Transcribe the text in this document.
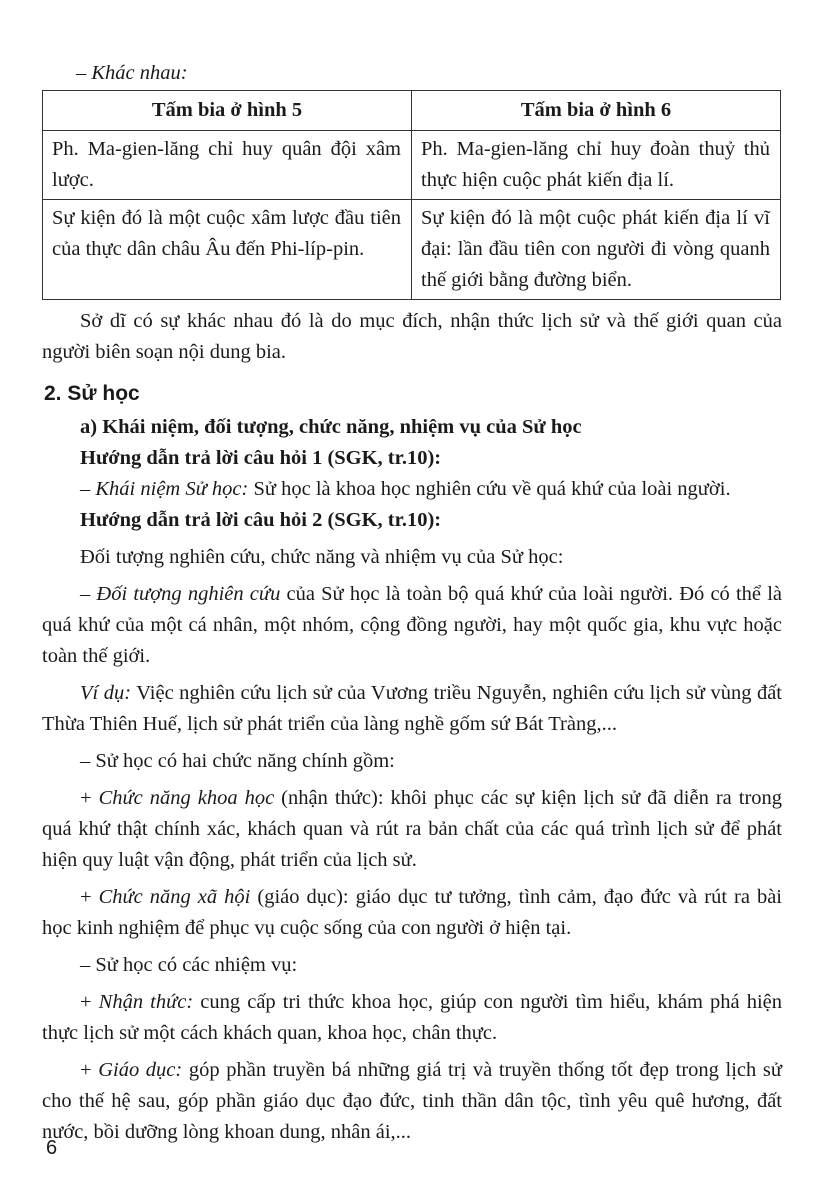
– Khác nhau:

Tấm bia ở hình 5	Tấm bia ở hình 6
Ph. Ma-gien-lăng chỉ huy quân đội xâm lược.	Ph. Ma-gien-lăng chỉ huy đoàn thuỷ thủ thực hiện cuộc phát kiến địa lí.
Sự kiện đó là một cuộc xâm lược đầu tiên của thực dân châu Âu đến Phi-líp-pin.	Sự kiện đó là một cuộc phát kiến địa lí vĩ đại: lần đầu tiên con người đi vòng quanh thế giới bằng đường biển.

Sở dĩ có sự khác nhau đó là do mục đích, nhận thức lịch sử và thế giới quan của người biên soạn nội dung bia.

2. Sử học

a) Khái niệm, đối tượng, chức năng, nhiệm vụ của Sử học

Hướng dẫn trả lời câu hỏi 1 (SGK, tr.10):

– Khái niệm Sử học: Sử học là khoa học nghiên cứu về quá khứ của loài người.

Hướng dẫn trả lời câu hỏi 2 (SGK, tr.10):

Đối tượng nghiên cứu, chức năng và nhiệm vụ của Sử học:

– Đối tượng nghiên cứu của Sử học là toàn bộ quá khứ của loài người. Đó có thể là quá khứ của một cá nhân, một nhóm, cộng đồng người, hay một quốc gia, khu vực hoặc toàn thế giới.

Ví dụ: Việc nghiên cứu lịch sử của Vương triều Nguyễn, nghiên cứu lịch sử vùng đất Thừa Thiên Huế, lịch sử phát triển của làng nghề gốm sứ Bát Tràng,...

– Sử học có hai chức năng chính gồm:

+ Chức năng khoa học (nhận thức): khôi phục các sự kiện lịch sử đã diễn ra trong quá khứ thật chính xác, khách quan và rút ra bản chất của các quá trình lịch sử để phát hiện quy luật vận động, phát triển của lịch sử.

+ Chức năng xã hội (giáo dục): giáo dục tư tưởng, tình cảm, đạo đức và rút ra bài học kinh nghiệm để phục vụ cuộc sống của con người ở hiện tại.

– Sử học có các nhiệm vụ:

+ Nhận thức: cung cấp tri thức khoa học, giúp con người tìm hiểu, khám phá hiện thực lịch sử một cách khách quan, khoa học, chân thực.

+ Giáo dục: góp phần truyền bá những giá trị và truyền thống tốt đẹp trong lịch sử cho thế hệ sau, góp phần giáo dục đạo đức, tinh thần dân tộc, tình yêu quê hương, đất nước, bồi dưỡng lòng khoan dung, nhân ái,...

6
